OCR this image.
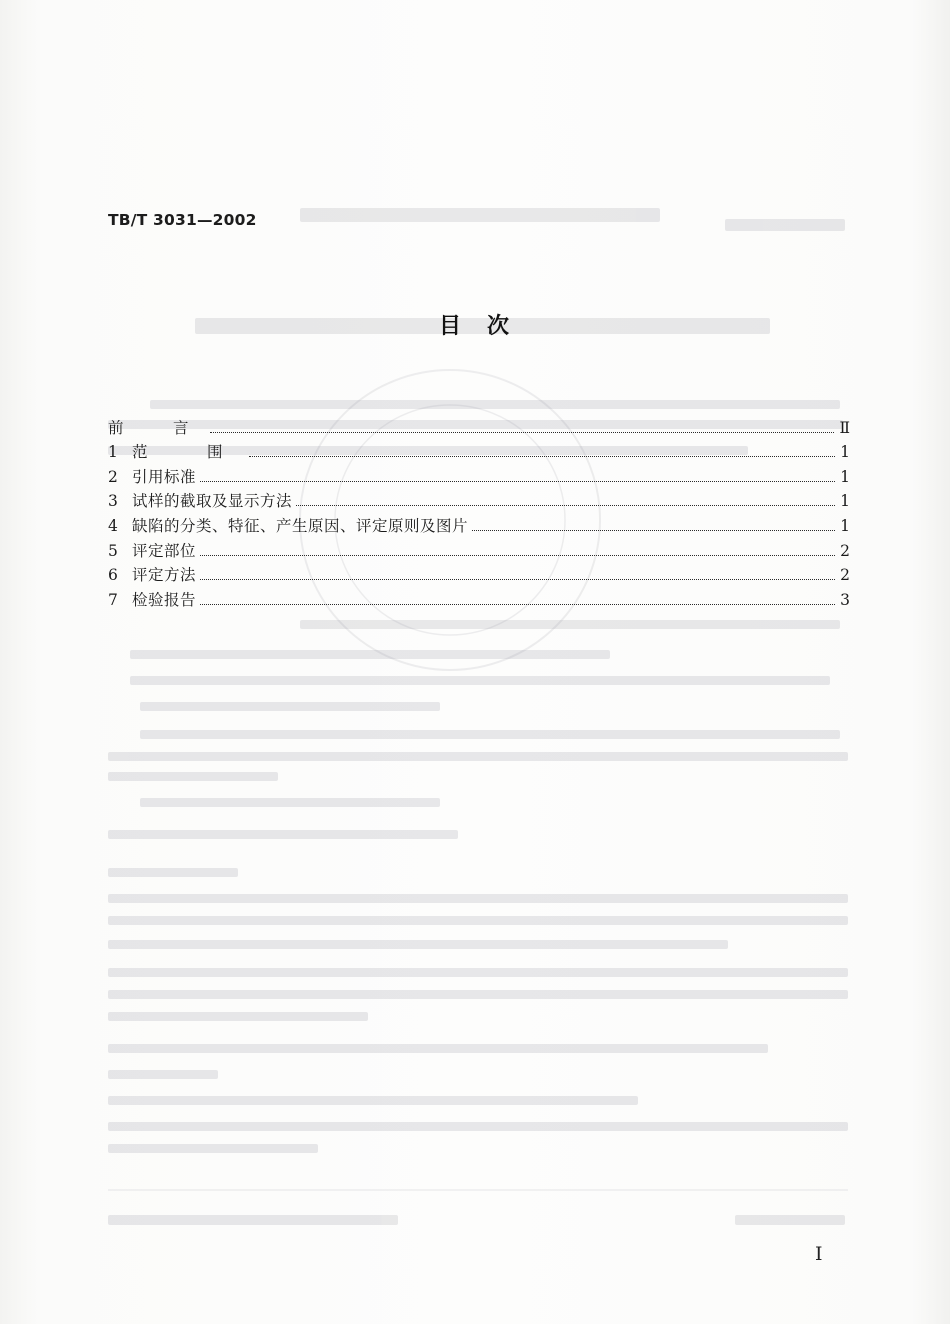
TB/T 3031—2002
目　次
前　言	Ⅱ
1 范　围	1
2 引用标准	1
3 试样的截取及显示方法	1
4 缺陷的分类、特征、产生原因、评定原则及图片	1
5 评定部位	2
6 评定方法	2
7 检验报告	3
I
